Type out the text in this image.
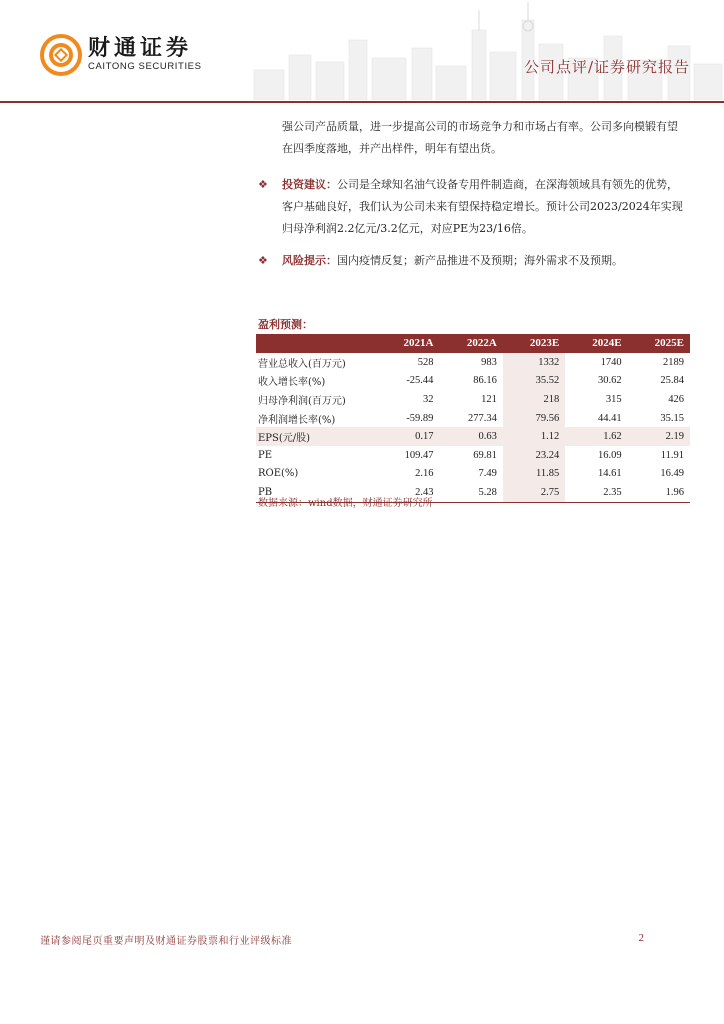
财通证券
CAITONG SECURITIES	公司点评/证券研究报告
强公司产品质量，进一步提高公司的市场竞争力和市场占有率。公司多向模锻有望在四季度落地，并产出样件，明年有望出货。
❖ 投资建议：公司是全球知名油气设备专用件制造商，在深海领域具有领先的优势，客户基础良好，我们认为公司未来有望保持稳定增长。预计公司2023/2024年实现归母净利润2.2亿元/3.2亿元，对应PE为23/16倍。
❖ 风险提示：国内疫情反复；新产品推进不及预期；海外需求不及预期。
盈利预测：
	2021A	2022A	2023E	2024E	2025E
营业总收入(百万元)	528	983	1332	1740	2189
收入增长率(%)	-25.44	86.16	35.52	30.62	25.84
归母净利润(百万元)	32	121	218	315	426
净利润增长率(%)	-59.89	277.34	79.56	44.41	35.15
EPS(元/股)	0.17	0.63	1.12	1.62	2.19
PE	109.47	69.81	23.24	16.09	11.91
ROE(%)	2.16	7.49	11.85	14.61	16.49
PB	2.43	5.28	2.75	2.35	1.96
数据来源：wind数据，财通证券研究所
谨请参阅尾页重要声明及财通证券股票和行业评级标准	2
